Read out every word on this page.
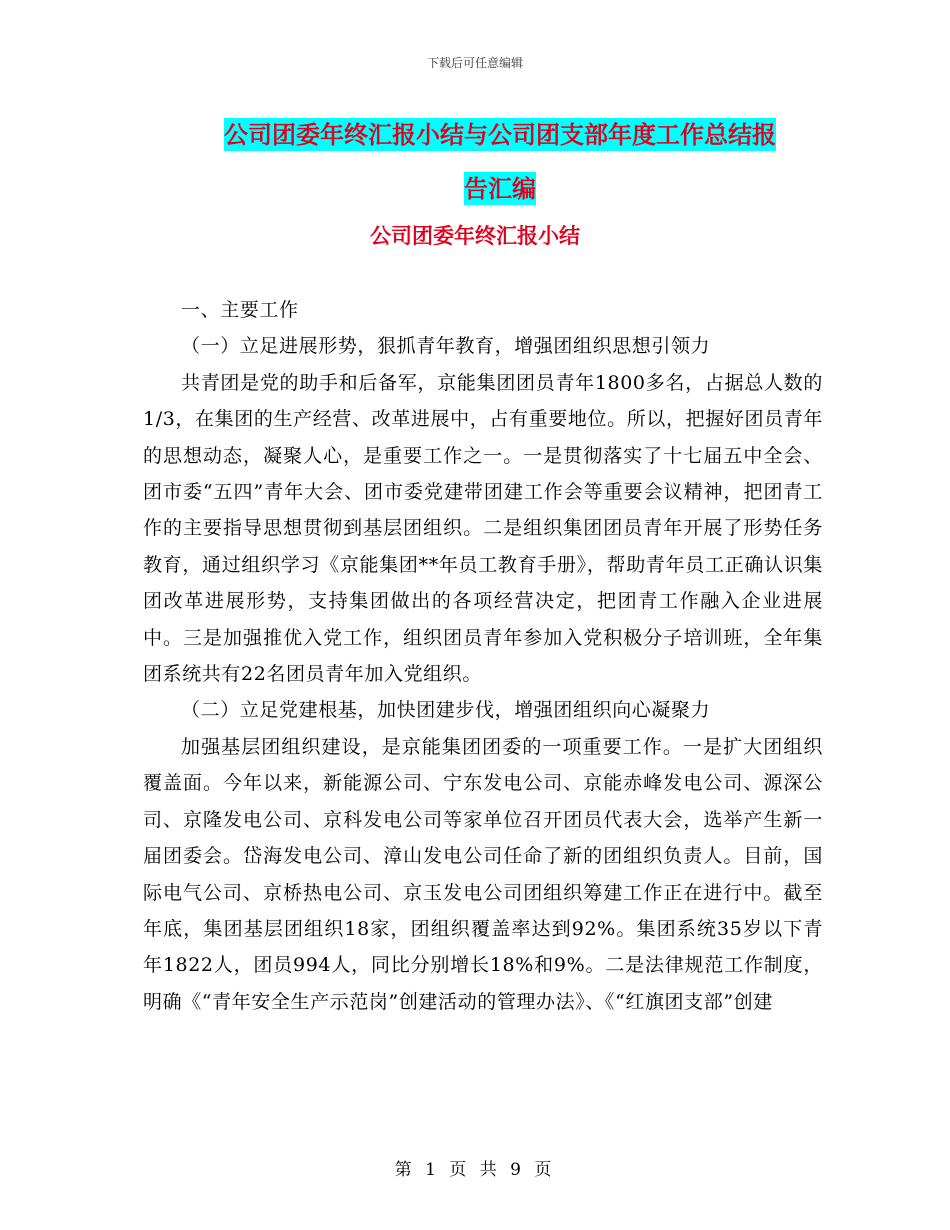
下载后可任意编辑
公司团委年终汇报小结与公司团支部年度工作总结报
告汇编
公司团委年终汇报小结

一、主要工作

（一）立足进展形势，狠抓青年教育，增强团组织思想引领力

共青团是党的助手和后备军，京能集团团员青年1800多名，占据总人数的1/3，在集团的生产经营、改革进展中，占有重要地位。所以，把握好团员青年的思想动态，凝聚人心，是重要工作之一。一是贯彻落实了十七届五中全会、团市委“五四”青年大会、团市委党建带团建工作会等重要会议精神，把团青工作的主要指导思想贯彻到基层团组织。二是组织集团团员青年开展了形势任务教育，通过组织学习《京能集团**年员工教育手册》，帮助青年员工正确认识集团改革进展形势，支持集团做出的各项经营决定，把团青工作融入企业进展中。三是加强推优入党工作，组织团员青年参加入党积极分子培训班，全年集团系统共有22名团员青年加入党组织。

（二）立足党建根基，加快团建步伐，增强团组织向心凝聚力

加强基层团组织建设，是京能集团团委的一项重要工作。一是扩大团组织覆盖面。今年以来，新能源公司、宁东发电公司、京能赤峰发电公司、源深公司、京隆发电公司、京科发电公司等家单位召开团员代表大会，选举产生新一届团委会。岱海发电公司、漳山发电公司任命了新的团组织负责人。目前，国际电气公司、京桥热电公司、京玉发电公司团组织筹建工作正在进行中。截至年底，集团基层团组织18家，团组织覆盖率达到92%。集团系统35岁以下青年1822人，团员994人，同比分别增长18%和9%。二是法律规范工作制度，明确《“青年安全生产示范岗”创建活动的管理办法》、《“红旗团支部”创建

第 1 页 共 9 页
